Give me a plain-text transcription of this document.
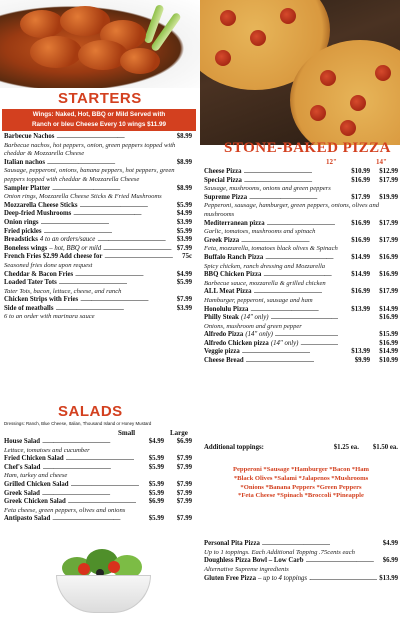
STARTERS
Wings: Naked, Hot, BBQ or Mild Served with
Ranch or bleu Cheese Every 10 wings $11.99
Barbecue Nachos . . .	$8.99
Barbecue nachos, hot peppers, onion, green peppers topped with cheddar & Mozzarella Cheese
Italian nachos . . .	$8.99
Sausage, pepperoni, onions, banana peppers, hot peppers, green peppers topped with cheddar & Mozzarella Cheese
Sampler Platter . . .	$8.99
Onion rings, Mozzarella Cheese Sticks & Fried Mushrooms
Mozzarella Cheese Sticks . . .	$5.99
Deep-fried Mushrooms . . .	$4.99
Onion rings . . .	$3.99
Fried pickles . . .	$5.99
Breadsticks 4 to an orders/sauce . . .	$3.99
Boneless wings – hot, BBQ or mild . . .	$7.99
French Fries $2.99 Add cheese for . . .	75c
Seasoned fries done upon request
Cheddar & Bacon Fries . . .	$4.99
Loaded Tater Tots . . .	$5.99
Tater Tots, bacon, lettuce, cheese, and ranch
Chicken Strips with Fries . . .	$7.99
Side of meatballs . . .	$3.99
6 to an order with marinara sauce
SALADS
Dressings: Ranch, Blue Cheese, Italian, Thousand Island or Honey Mustard
Small	Large
House Salad . . .	$4.99	$6.99
Lettuce, tomatoes and cucumber
Fried Chicken Salad . . .	$5.99	$7.99
Chef's Salad . . .	$5.99	$7.99
Ham, turkey and cheese
Grilled Chicken Salad . . .	$5.99	$7.99
Greek Salad . . .	$5.99	$7.99
Greek Chicken Salad . . .	$6.99	$7.99
Feta cheese, green peppers, olives and onions
Antipasto Salad . . .	$5.99	$7.99
STONE-BAKED PIZZA
12"	14"
Cheese Pizza . . .	$10.99	$12.99
Special Pizza . . .	$16.99	$17.99
Sausage, mushrooms, onions and green peppers
Supreme Pizza . . .	$17.99	$19.99
Pepperoni, sausage, hamburger, green peppers, onions, olives and mushrooms
Mediterranean pizza . . .	$16.99	$17.99
Garlic, tomatoes, mushrooms and spinach
Greek Pizza . . .	$16.99	$17.99
Feta, mozzarella, tomatoes black olives & Spinach
Buffalo Ranch Pizza . . .	$14.99	$16.99
Spicy chicken, ranch dressing and Mozzarella
BBQ Chicken Pizza . . .	$14.99	$16.99
Barbecue sauce, mozzarella & grilled chicken
ALL Meat Pizza . . .	$16.99	$17.99
Hamburger, pepperoni, sausage and ham
Honolulu Pizza . . .	$13.99	$14.99
Philly Steak (14" only) . . .	$16.99
Onions, mushroom and green pepper
Alfredo Pizza (14" only) . . .	$15.99
Alfredo Chicken pizza (14" only) . . .	$16.99
Veggie pizza . . .	$13.99	$14.99
Cheese Bread . . .	$9.99	$10.99
Additional toppings:	$1.25 ea. $1.50 ea.
Pepperoni *Sausage *Hamburger *Bacon *Ham
*Black Olives *Salami *Jalapenos *Mushrooms
*Onions *Banana Peppers *Green Peppers
*Feta Cheese *Spinach *Broccoli *Pineapple
Personal Pita Pizza . . .	$4.99
Up to 1 toppings. Each Additional Topping .75cents each
Doughless Pizza Bowl – Low Carb . . .	$6.99
Alternative Supreme ingredients
Gluten Free Pizza – up to 4 toppings . . .	$13.99
